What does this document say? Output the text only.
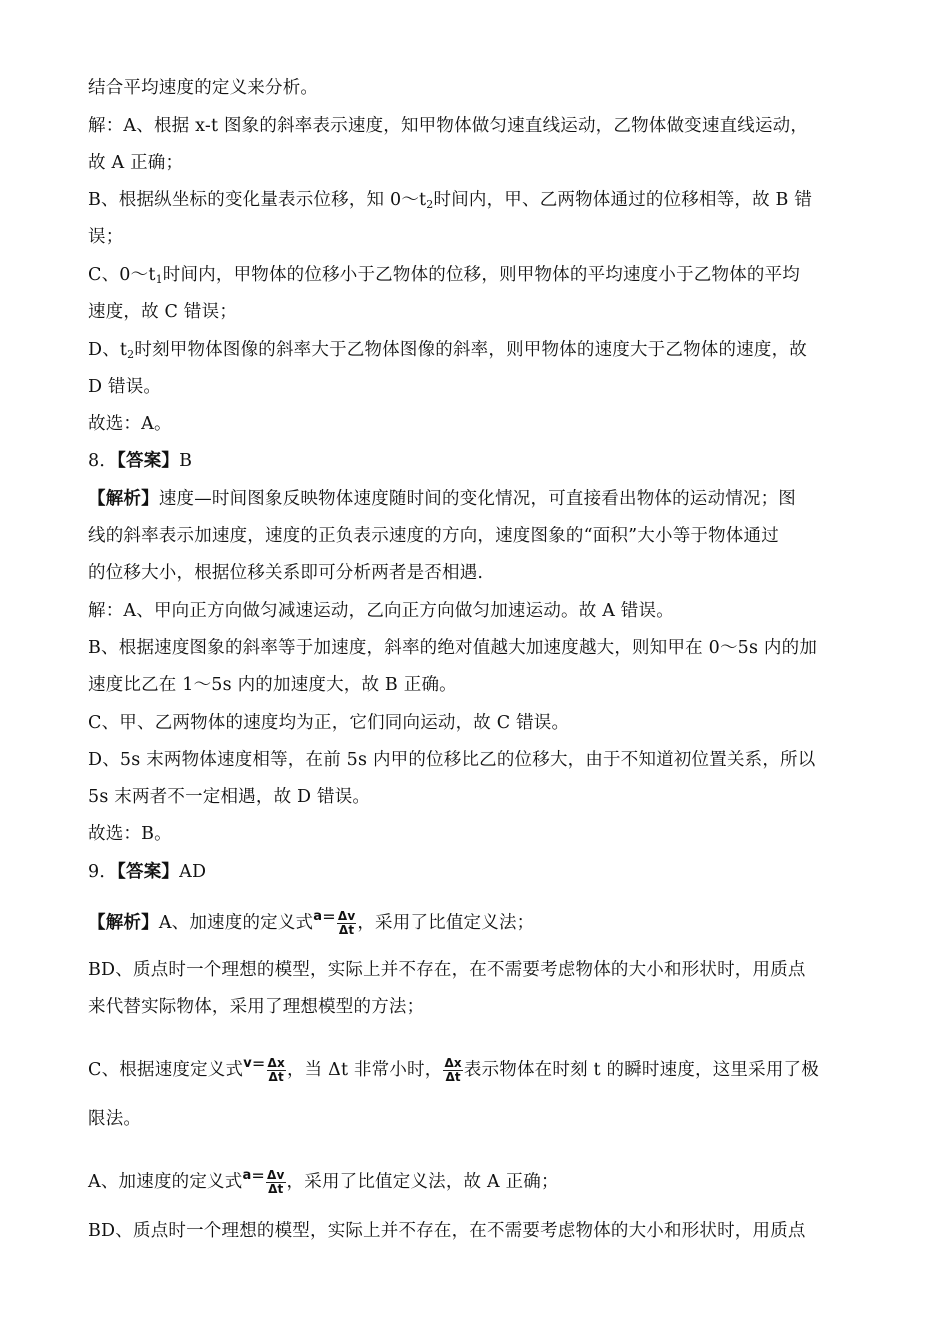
结合平均速度的定义来分析。
解：A、根据 x-t 图象的斜率表示速度，知甲物体做匀速直线运动，乙物体做变速直线运动，
故 A 正确；
B、根据纵坐标的变化量表示位移，知 $0\sim t_2$时间内，甲、乙两物体通过的位移相等，故 B 错
误；
C、$0\sim t_1$时间内，甲物体的位移小于乙物体的位移，则甲物体的平均速度小于乙物体的平均
速度，故 C 错误；
D、$t_2$时刻甲物体图像的斜率大于乙物体图像的斜率，则甲物体的速度大于乙物体的速度，故
D 错误。
故选：A。
8．【答案】B
【解析】速度—时间图象反映物体速度随时间的变化情况，可直接看出物体的运动情况；图
线的斜率表示加速度，速度的正负表示速度的方向，速度图象的“面积”大小等于物体通过
的位移大小，根据位移关系即可分析两者是否相遇.
解：A、甲向正方向做匀减速运动，乙向正方向做匀加速运动。故 A 错误。
B、根据速度图象的斜率等于加速度，斜率的绝对值越大加速度越大，则知甲在 0～5s 内的加
速度比乙在 1～5s 内的加速度大，故 B 正确。
C、甲、乙两物体的速度均为正，它们同向运动，故 C 错误。
D、5s 末两物体速度相等，在前 5s 内甲的位移比乙的位移大，由于不知道初位置关系，所以
5s 末两者不一定相遇，故 D 错误。
故选：B。
9．【答案】AD
【解析】A、加速度的定义式$^a= \frac{\Delta v}{\Delta t}$ ，采用了比值定义法；
BD、质点时一个理想的模型，实际上并不存在，在不需要考虑物体的大小和形状时，用质点
来代替实际物体，采用了理想模型的方法；
C、根据速度定义式$^v= \frac{\Delta x}{\Delta t}$ ，当 Δt 非常小时， $\frac{\Delta x}{\Delta t}$ 表示物体在时刻 t 的瞬时速度，这里采用了极
限法。
A、加速度的定义式$^a= \frac{\Delta v}{\Delta t}$ ，采用了比值定义法，故 A 正确；
BD、质点时一个理想的模型，实际上并不存在，在不需要考虑物体的大小和形状时，用质点
